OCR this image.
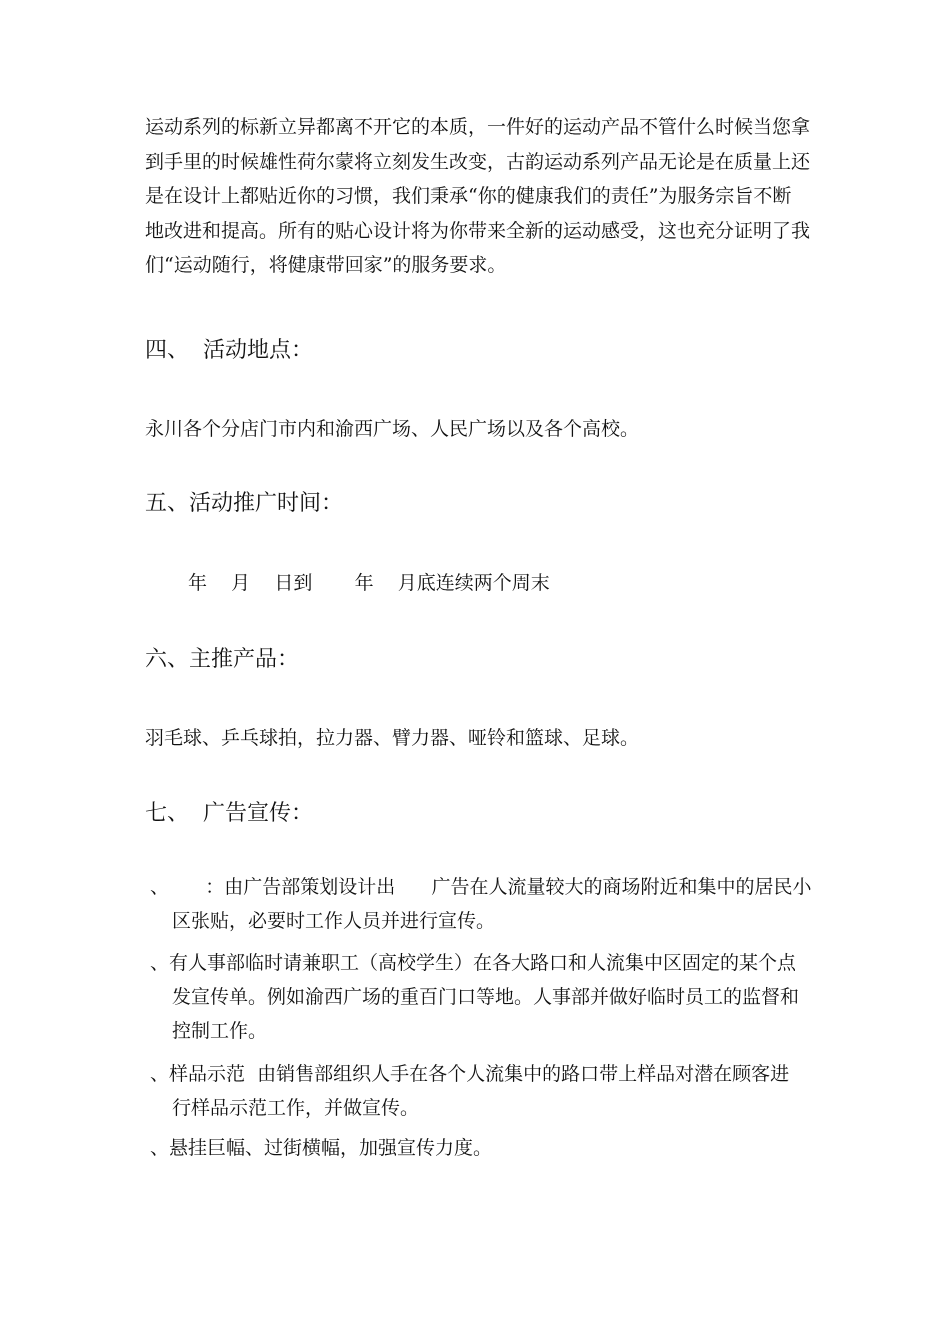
运动系列的标新立异都离不开它的本质，一件好的运动产品不管什么时候当您拿
到手里的时候雄性荷尔蒙将立刻发生改变，古韵运动系列产品无论是在质量上还
是在设计上都贴近你的习惯，我们秉承“你的健康我们的责任”为服务宗旨不断
地改进和提高。所有的贴心设计将为你带来全新的运动感受，这也充分证明了我
们“运动随行，将健康带回家”的服务要求。

四、  活动地点：

永川各个分店门市内和渝西广场、人民广场以及各个高校。

五、活动推广时间：

年    月    日到       年    月底连续两个周末

六、主推产品：

羽毛球、乒乓球拍，拉力器、臂力器、哑铃和篮球、足球。

七、  广告宣传：

、      ：由广告部策划设计出      广告在人流量较大的商场附近和集中的居民小
区张贴，必要时工作人员并进行宣传。

、有人事部临时请兼职工（高校学生）在各大路口和人流集中区固定的某个点
发宣传单。例如渝西广场的重百门口等地。人事部并做好临时员工的监督和
控制工作。

、样品示范  由销售部组织人手在各个人流集中的路口带上样品对潜在顾客进
行样品示范工作，并做宣传。

、悬挂巨幅、过街横幅，加强宣传力度。
